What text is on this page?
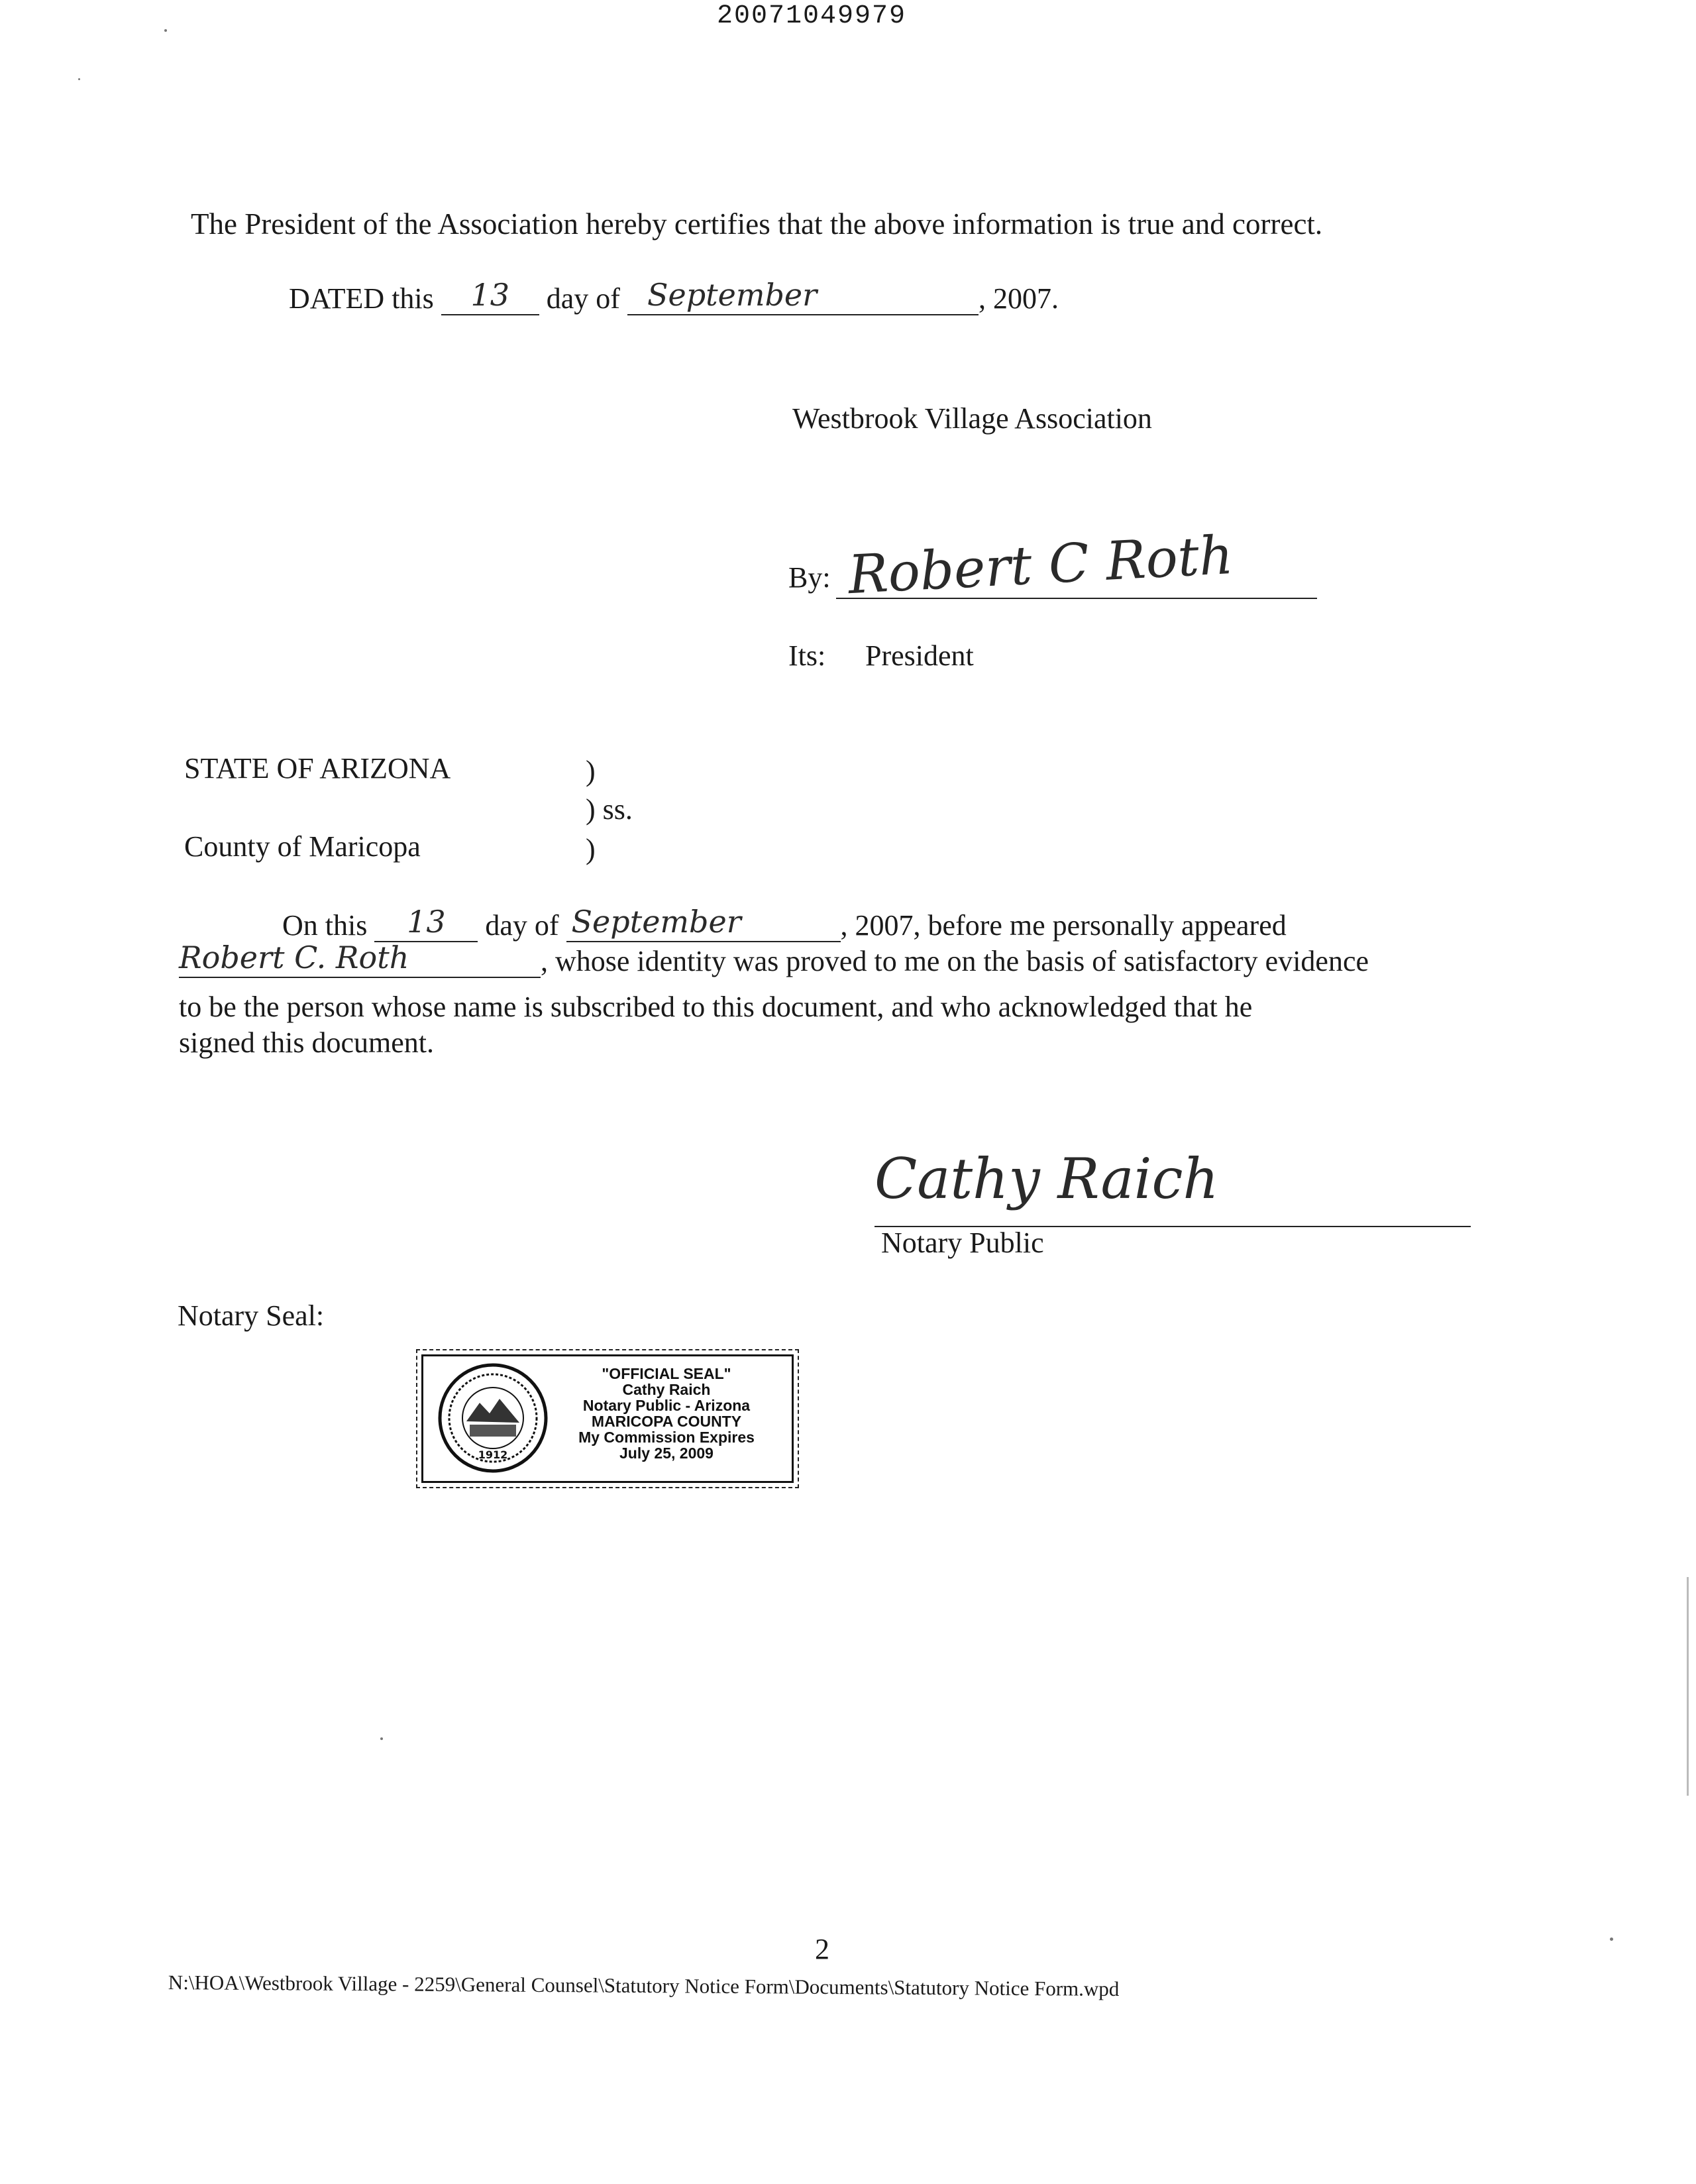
20071049979
The President of the Association hereby certifies that the above information is true and correct.
DATED this	13	day of September	, 2007.
Westbrook Village Association
By: Robert C Roth
Its: President
STATE OF ARIZONA	)
) ss.
County of Maricopa	)
On this	13	day of September	, 2007, before me personally appeared
Robert C. Roth	, whose identity was proved to me on the basis of satisfactory evidence
to be the person whose name is subscribed to this document, and who acknowledged that he
signed this document.
Cathy Raich
Notary Public
Notary Seal:
1912
"OFFICIAL SEAL"
Cathy Raich
Notary Public - Arizona
MARICOPA COUNTY
My Commission Expires
July 25, 2009
2
N:\HOA\Westbrook Village - 2259\General Counsel\Statutory Notice Form\Documents\Statutory Notice Form.wpd
